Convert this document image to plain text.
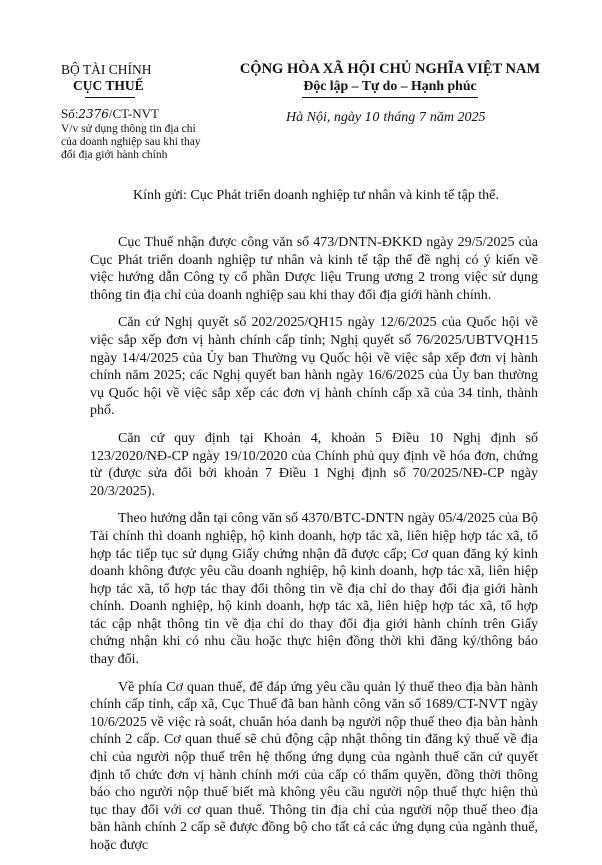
BỘ TÀI CHÍNH
CỤC THUẾ
CỘNG HÒA XÃ HỘI CHỦ NGHĨA VIỆT NAM
Độc lập – Tự do – Hạnh phúc
Số:2376/CT-NVT
V/v sử dụng thông tin địa chỉ
của doanh nghiệp sau khi thay
đổi địa giới hành chính
Hà Nội, ngày 10 tháng 7 năm 2025
Kính gửi: Cục Phát triển doanh nghiệp tư nhân và kinh tế tập thể.

Cục Thuế nhận được công văn số 473/DNTN-ĐKKD ngày 29/5/2025 của Cục Phát triển doanh nghiệp tư nhân và kinh tế tập thể đề nghị có ý kiến về việc hướng dẫn Công ty cổ phần Dược liệu Trung ương 2 trong việc sử dụng thông tin địa chỉ của doanh nghiệp sau khi thay đổi địa giới hành chính.

Căn cứ Nghị quyết số 202/2025/QH15 ngày 12/6/2025 của Quốc hội về việc sắp xếp đơn vị hành chính cấp tỉnh; Nghị quyết số 76/2025/UBTVQH15 ngày 14/4/2025 của Ủy ban Thường vụ Quốc hội về việc sắp xếp đơn vị hành chính năm 2025; các Nghị quyết ban hành ngày 16/6/2025 của Ủy ban thường vụ Quốc hội về việc sắp xếp các đơn vị hành chính cấp xã của 34 tỉnh, thành phố.

Căn cứ quy định tại Khoản 4, khoản 5 Điều 10 Nghị định số 123/2020/NĐ-CP ngày 19/10/2020 của Chính phủ quy định về hóa đơn, chứng từ (được sửa đổi bởi khoản 7 Điều 1 Nghị định số 70/2025/NĐ-CP ngày 20/3/2025).

Theo hướng dẫn tại công văn số 4370/BTC-DNTN ngày 05/4/2025 của Bộ Tài chính thì doanh nghiệp, hộ kinh doanh, hợp tác xã, liên hiệp hợp tác xã, tổ hợp tác tiếp tục sử dụng Giấy chứng nhận đã được cấp; Cơ quan đăng ký kinh doanh không được yêu cầu doanh nghiệp, hộ kinh doanh, hợp tác xã, liên hiệp hợp tác xã, tổ hợp tác thay đổi thông tin về địa chỉ do thay đổi địa giới hành chính. Doanh nghiệp, hộ kinh doanh, hợp tác xã, liên hiệp hợp tác xã, tổ hợp tác cập nhật thông tin về địa chỉ do thay đổi địa giới hành chính trên Giấy chứng nhận khi có nhu cầu hoặc thực hiện đồng thời khi đăng ký/thông báo thay đổi.

Về phía Cơ quan thuế, để đáp ứng yêu cầu quản lý thuế theo địa bàn hành chính cấp tỉnh, cấp xã, Cục Thuế đã ban hành công văn số 1689/CT-NVT ngày 10/6/2025 về việc rà soát, chuẩn hóa danh bạ người nộp thuế theo địa bàn hành chính 2 cấp. Cơ quan thuế sẽ chủ động cập nhật thông tin đăng ký thuế về địa chỉ của người nộp thuế trên hệ thống ứng dụng của ngành thuế căn cứ quyết định tổ chức đơn vị hành chính mới của cấp có thẩm quyền, đồng thời thông báo cho người nộp thuế biết mà không yêu cầu người nộp thuế thực hiện thủ tục thay đổi với cơ quan thuế. Thông tin địa chỉ của người nộp thuế theo địa bàn hành chính 2 cấp sẽ được đồng bộ cho tất cả các ứng dụng của ngành thuế, hoặc được
